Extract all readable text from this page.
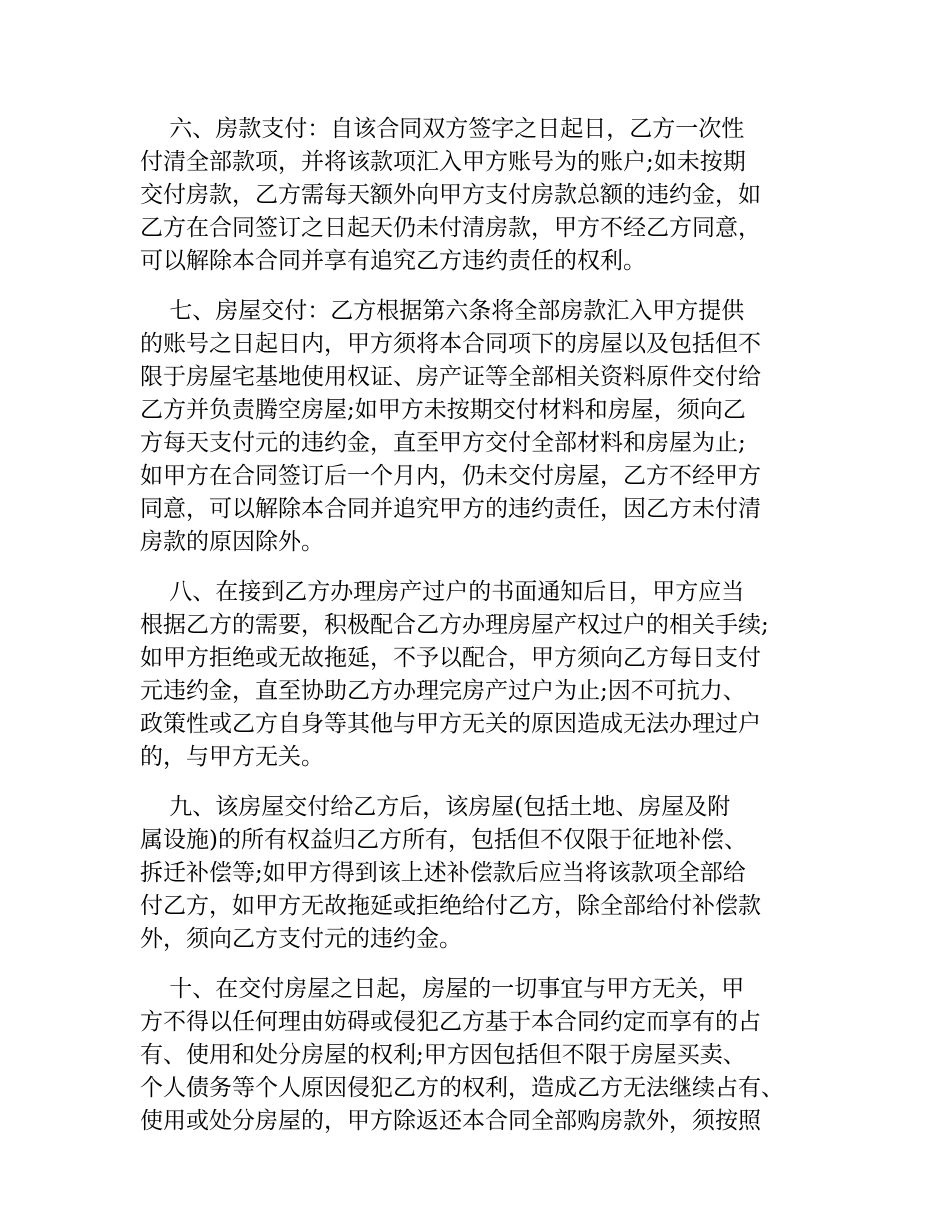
六、房款支付：自该合同双方签字之日起日，乙方一次性
付清全部款项，并将该款项汇入甲方账号为的账户;如未按期
交付房款，乙方需每天额外向甲方支付房款总额的违约金，如
乙方在合同签订之日起天仍未付清房款，甲方不经乙方同意，
可以解除本合同并享有追究乙方违约责任的权利。
七、房屋交付：乙方根据第六条将全部房款汇入甲方提供
的账号之日起日内，甲方须将本合同项下的房屋以及包括但不
限于房屋宅基地使用权证、房产证等全部相关资料原件交付给
乙方并负责腾空房屋;如甲方未按期交付材料和房屋，须向乙
方每天支付元的违约金，直至甲方交付全部材料和房屋为止;
如甲方在合同签订后一个月内，仍未交付房屋，乙方不经甲方
同意，可以解除本合同并追究甲方的违约责任，因乙方未付清
房款的原因除外。
八、在接到乙方办理房产过户的书面通知后日，甲方应当
根据乙方的需要，积极配合乙方办理房屋产权过户的相关手续;
如甲方拒绝或无故拖延，不予以配合，甲方须向乙方每日支付
元违约金，直至协助乙方办理完房产过户为止;因不可抗力、
政策性或乙方自身等其他与甲方无关的原因造成无法办理过户
的，与甲方无关。
九、该房屋交付给乙方后，该房屋(包括土地、房屋及附
属设施)的所有权益归乙方所有，包括但不仅限于征地补偿、
拆迁补偿等;如甲方得到该上述补偿款后应当将该款项全部给
付乙方，如甲方无故拖延或拒绝给付乙方，除全部给付补偿款
外，须向乙方支付元的违约金。
十、在交付房屋之日起，房屋的一切事宜与甲方无关，甲
方不得以任何理由妨碍或侵犯乙方基于本合同约定而享有的占
有、使用和处分房屋的权利;甲方因包括但不限于房屋买卖、
个人债务等个人原因侵犯乙方的权利，造成乙方无法继续占有、
使用或处分房屋的，甲方除返还本合同全部购房款外，须按照
